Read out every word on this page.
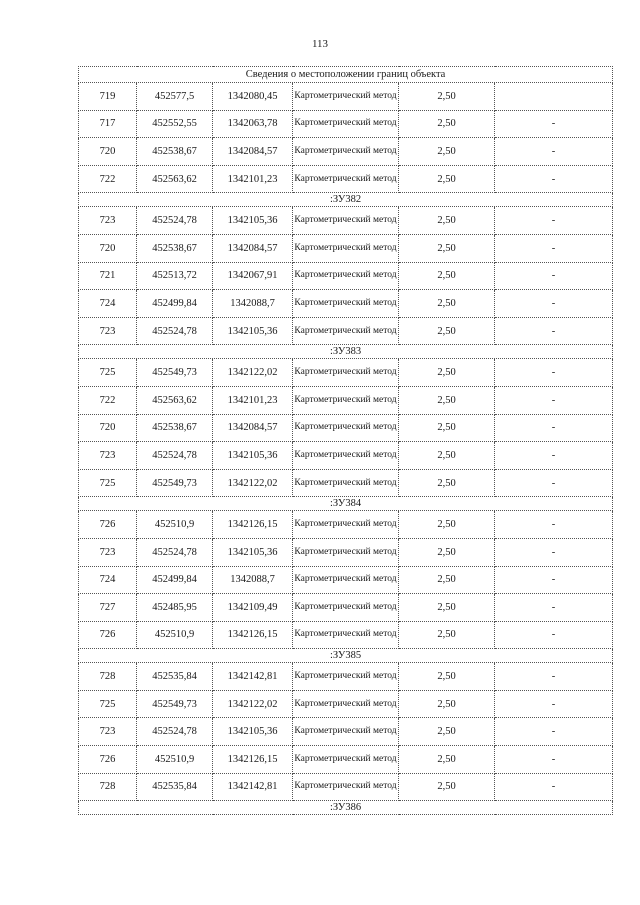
113
Сведения о местоположении границ объекта					
719	452577,5	1342080,45	Картометрический метод	2,50	
717	452552,55	1342063,78	Картометрический метод	2,50	-
720	452538,67	1342084,57	Картометрический метод	2,50	-
722	452563,62	1342101,23	Картометрический метод	2,50	-
:ЗУ382					
723	452524,78	1342105,36	Картометрический метод	2,50	-
720	452538,67	1342084,57	Картометрический метод	2,50	-
721	452513,72	1342067,91	Картометрический метод	2,50	-
724	452499,84	1342088,7	Картометрический метод	2,50	-
723	452524,78	1342105,36	Картометрический метод	2,50	-
:ЗУ383					
725	452549,73	1342122,02	Картометрический метод	2,50	-
722	452563,62	1342101,23	Картометрический метод	2,50	-
720	452538,67	1342084,57	Картометрический метод	2,50	-
723	452524,78	1342105,36	Картометрический метод	2,50	-
725	452549,73	1342122,02	Картометрический метод	2,50	-
:ЗУ384					
726	452510,9	1342126,15	Картометрический метод	2,50	-
723	452524,78	1342105,36	Картометрический метод	2,50	-
724	452499,84	1342088,7	Картометрический метод	2,50	-
727	452485,95	1342109,49	Картометрический метод	2,50	-
726	452510,9	1342126,15	Картометрический метод	2,50	-
:ЗУ385					
728	452535,84	1342142,81	Картометрический метод	2,50	-
725	452549,73	1342122,02	Картометрический метод	2,50	-
723	452524,78	1342105,36	Картометрический метод	2,50	-
726	452510,9	1342126,15	Картометрический метод	2,50	-
728	452535,84	1342142,81	Картометрический метод	2,50	-
:ЗУ386					
